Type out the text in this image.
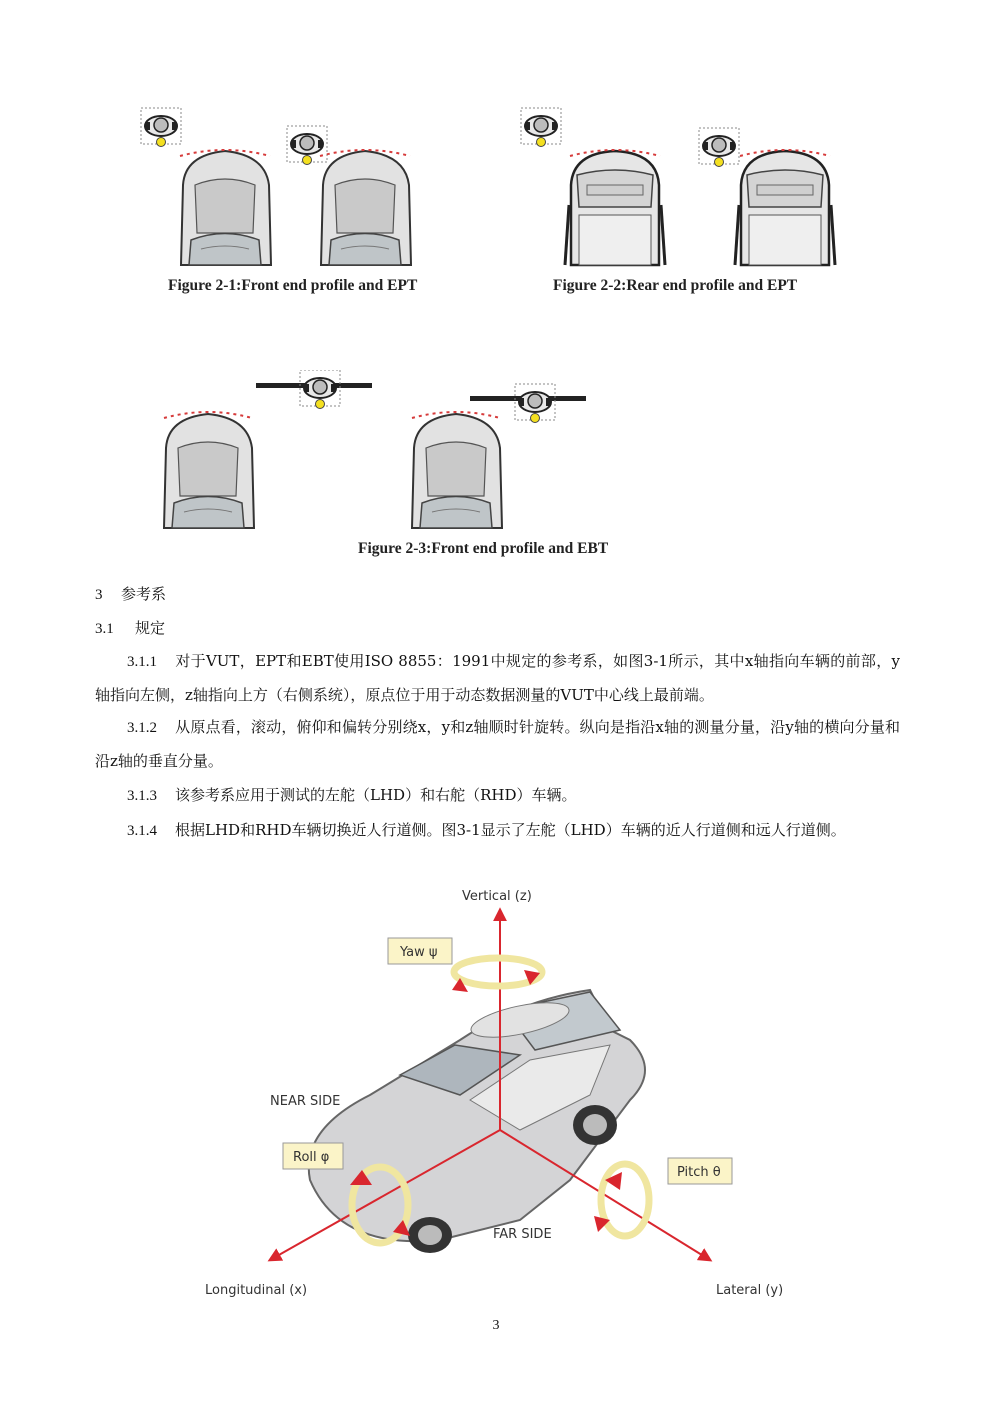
Figure 2-1:Front end profile and EPT	Figure 2-2:Rear end profile and EPT
Figure 2-3:Front end profile and EBT
3 参考系
3.1 规定
3.1.1 对于VUT，EPT和EBT使用ISO 8855：1991中规定的参考系，如图3-1所示，其中x轴指向车辆的前部，y轴指向左侧，z轴指向上方（右侧系统），原点位于用于动态数据测量的VUT中心线上最前端。
3.1.2 从原点看，滚动，俯仰和偏转分别绕x，y和z轴顺时针旋转。纵向是指沿x轴的测量分量，沿y轴的横向分量和沿z轴的垂直分量。
3.1.3 该参考系应用于测试的左舵（LHD）和右舵（RHD）车辆。
3.1.4 根据LHD和RHD车辆切换近人行道侧。图3-1显示了左舵（LHD）车辆的近人行道侧和远人行道侧。
Vertical (z)
Yaw ψ
Roll φ
Pitch θ
NEAR SIDE
FAR SIDE
Longitudinal (x)	Lateral (y)
3
